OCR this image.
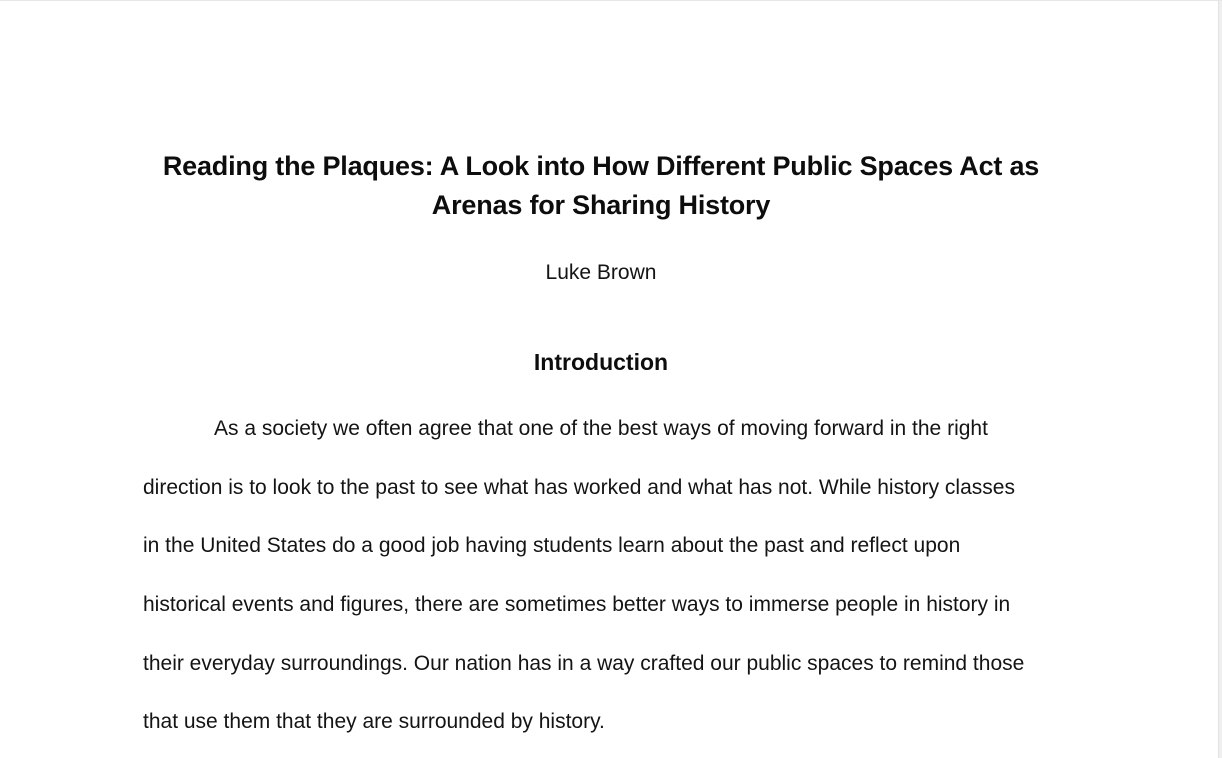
Reading the Plaques: A Look into How Different Public Spaces Act as
Arenas for Sharing History
Luke Brown
Introduction
As a society we often agree that one of the best ways of moving forward in the right
direction is to look to the past to see what has worked and what has not. While history classes
in the United States do a good job having students learn about the past and reflect upon
historical events and figures, there are sometimes better ways to immerse people in history in
their everyday surroundings. Our nation has in a way crafted our public spaces to remind those
that use them that they are surrounded by history.
